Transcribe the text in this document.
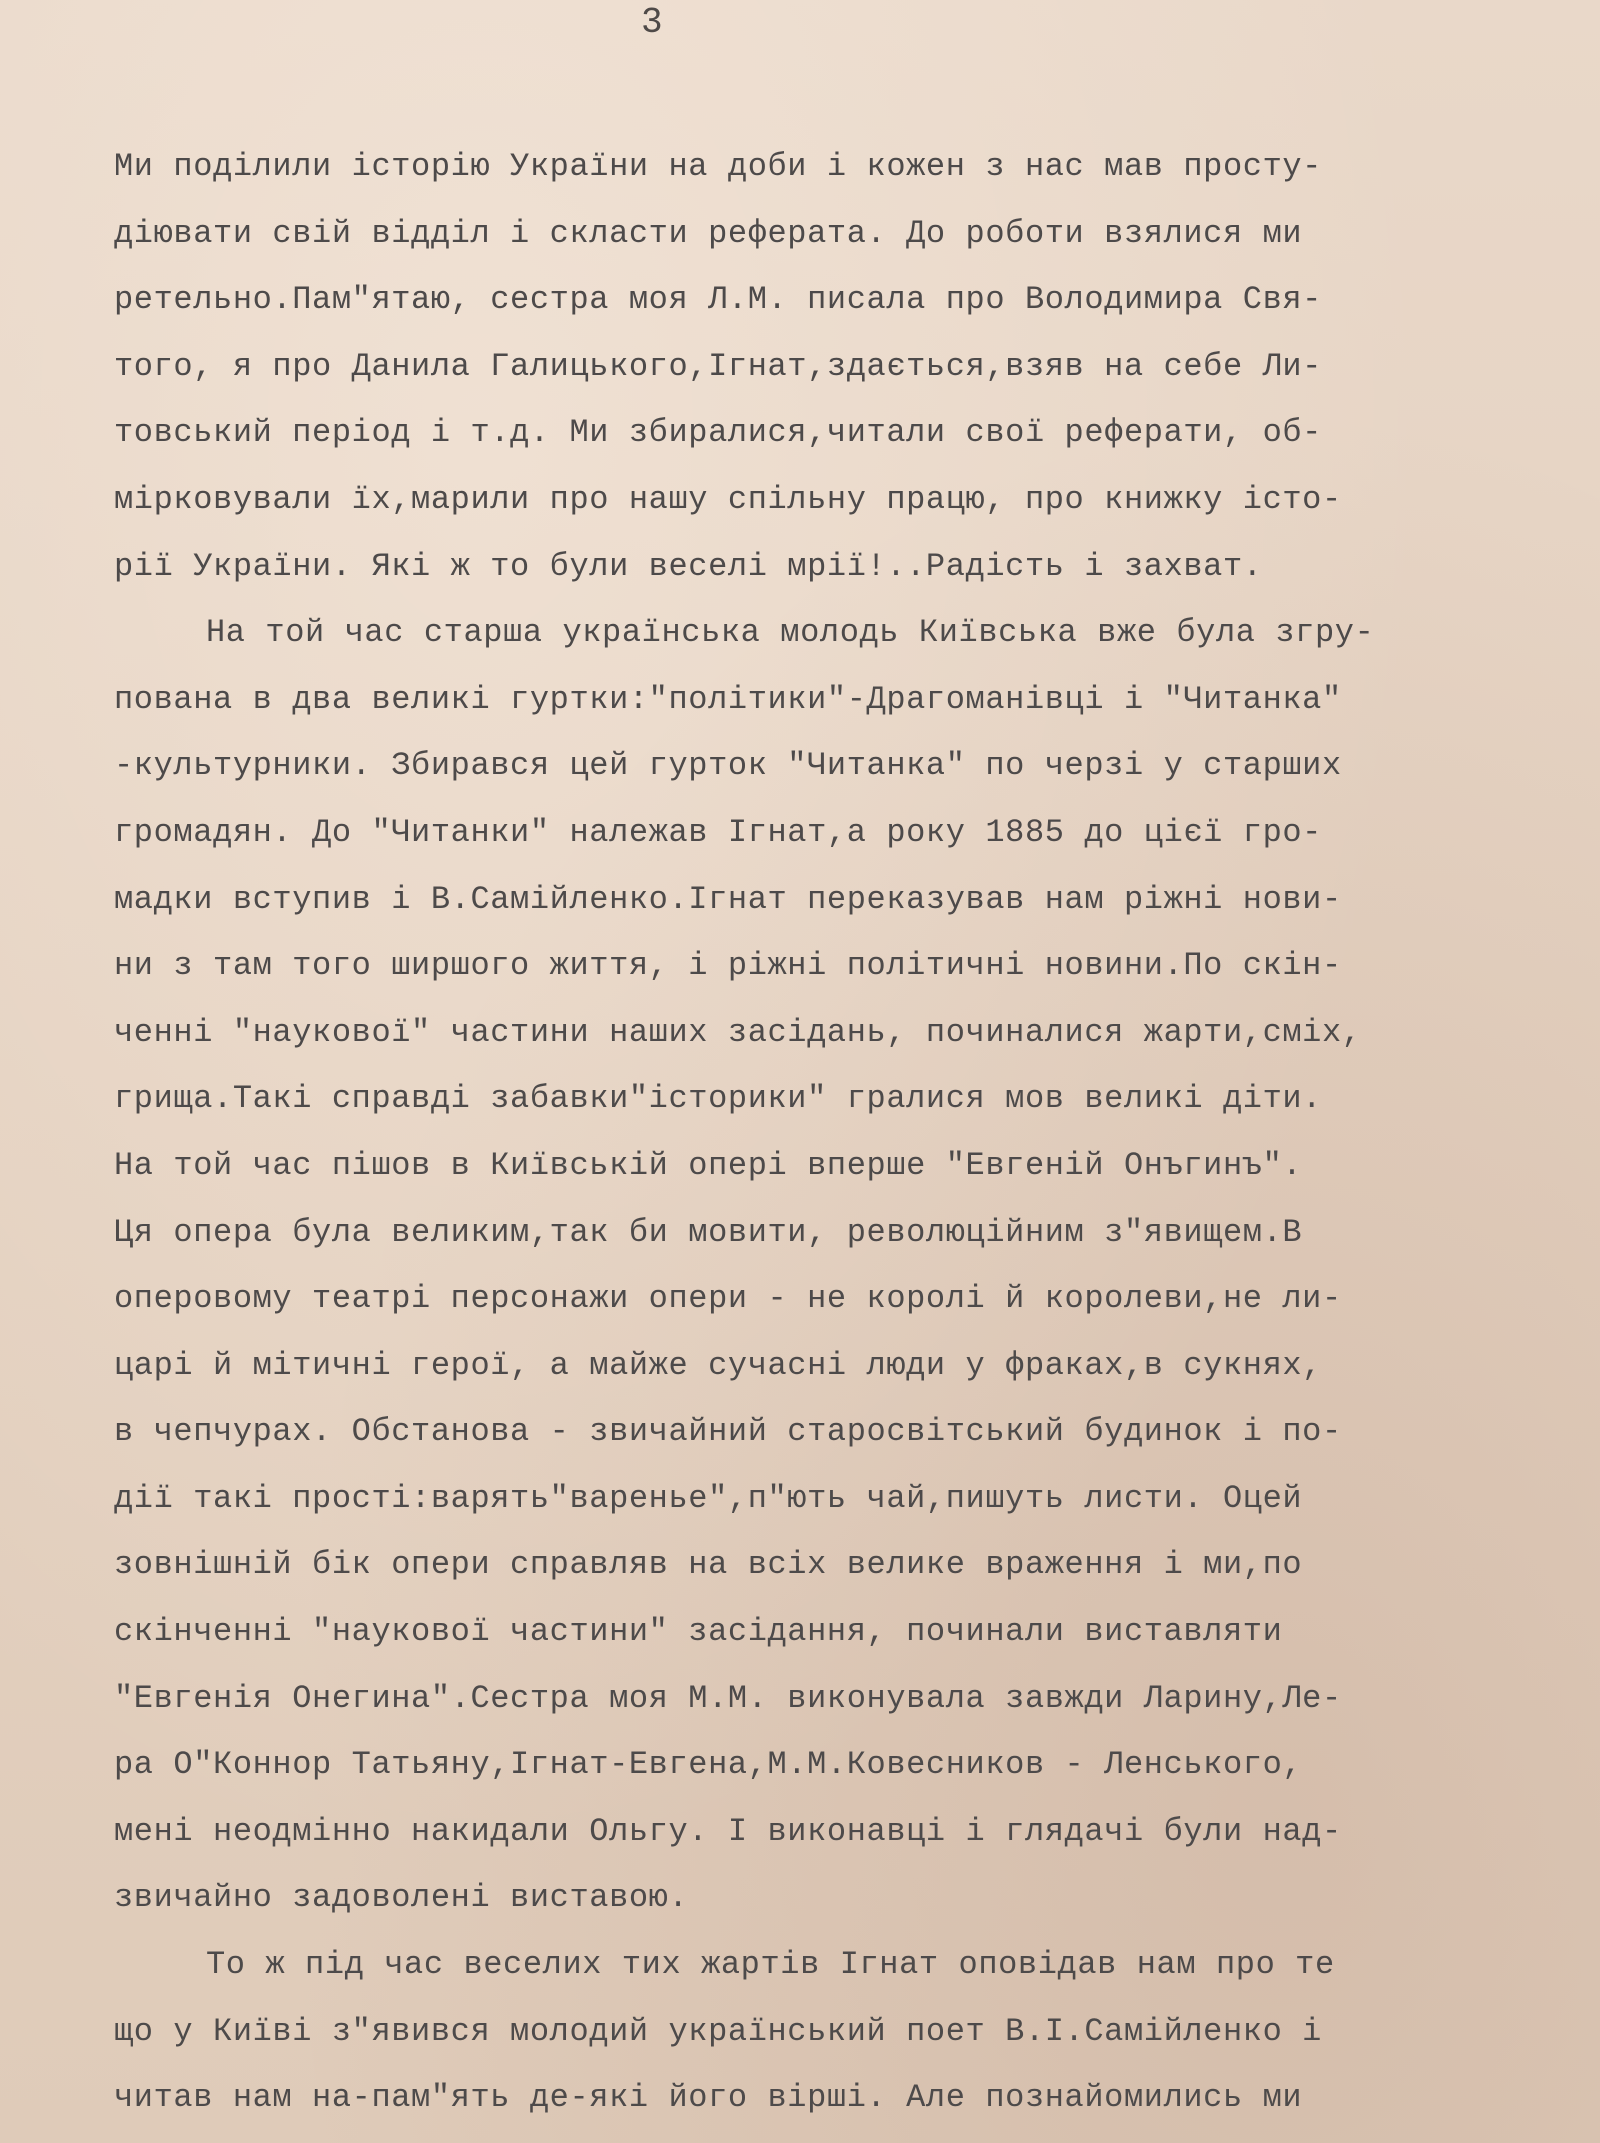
3

Ми поділили історію України на доби і кожен з нас мав просту-
діювати свій відділ і скласти реферата. До роботи взялися ми
ретельно.Пам"ятаю, сестра моя Л.М. писала про Володимира Свя-
того, я про Данила Галицького,Ігнат,здається,взяв на себе Ли-
товський період і т.д. Ми збиралися,читали свої реферати, об-
мірковували їх,марили про нашу спільну працю, про книжку істо-
рії України. Які ж то були веселі мрії!..Радість і захват.
На той час старша українська молодь Київська вже була згру-
пована в два великі гуртки:"політики"-Драгоманівці і "Читанка"
-культурники. Збирався цей гурток "Читанка" по черзі у старших
громадян. До "Читанки" належав Ігнат,а року 1885 до цієї гро-
мадки вступив і В.Самійленко.Ігнат переказував нам ріжні нови-
ни з там того ширшого життя, і ріжні політичні новини.По скін-
ченні "наукової" частини наших засідань, починалися жарти,сміх,
грища.Такі справді забавки"історики" гралися мов великі діти.
На той час пішов в Київській опері вперше "Евгеній Онъгинъ".
Ця опера була великим,так би мовити, революційним з"явищем.В
оперовому театрі персонажи опери - не королі й королеви,не ли-
царі й мітичні герої, а майже сучасні люди у фраках,в сукнях,
в чепчурах. Обстанова - звичайний старосвітський будинок і по-
дії такі прості:варять"варенье",п"ють чай,пишуть листи. Оцей
зовнішній бік опери справляв на всіх велике враження і ми,по
скінченні "наукової частини" засідання, починали виставляти
"Евгенія Онегина".Сестра моя М.М. виконувала завжди Ларину,Ле-
ра О"Коннор Татьяну,Ігнат-Евгена,М.М.Ковесников - Ленського,
мені неодмінно накидали Ольгу. І виконавці і глядачі були над-
звичайно задоволені виставою.
То ж під час веселих тих жартів Ігнат оповідав нам про те
що у Київі з"явився молодий український поет В.І.Самійленко і
читав нам на-пам"ять де-які його вірші. Але познайомились ми
